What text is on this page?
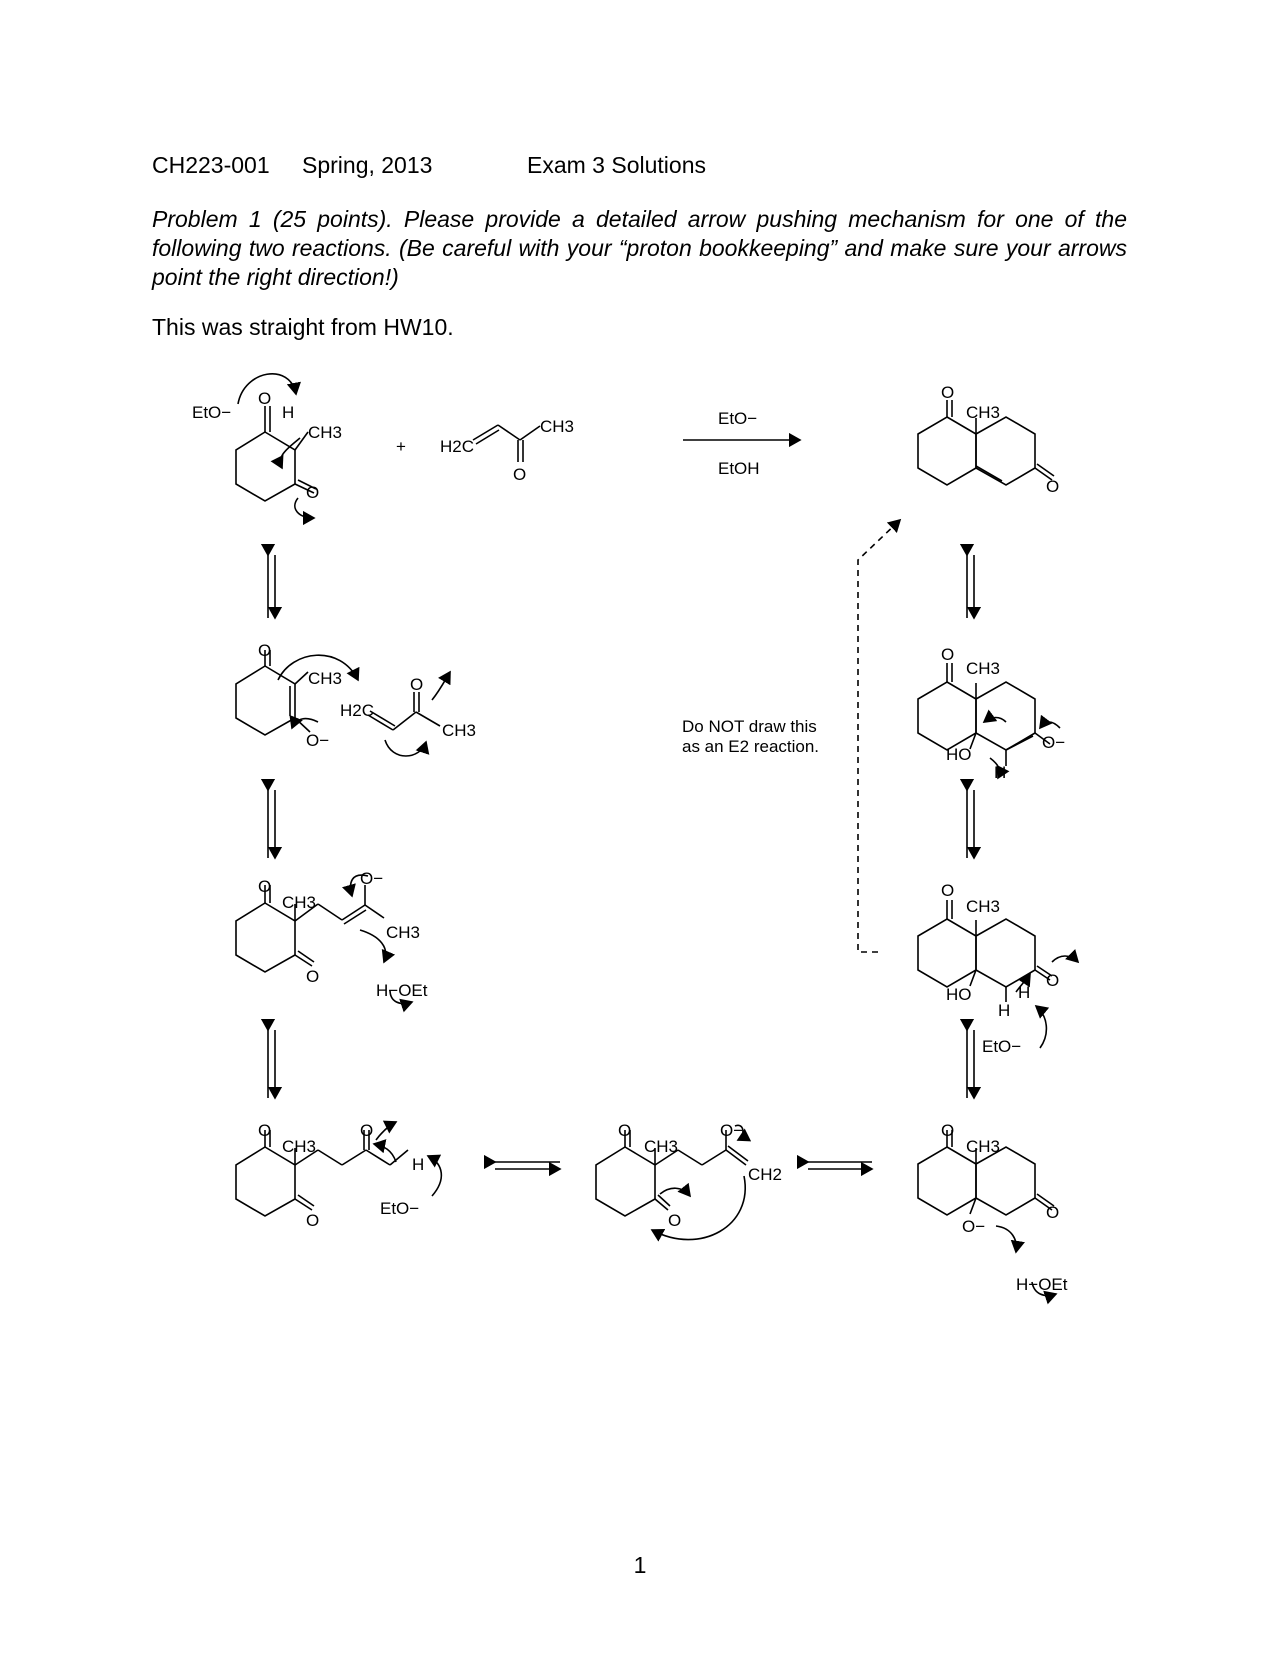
CH223-001 Spring, 2013	Exam 3 Solutions
Problem 1 (25 points). Please provide a detailed arrow pushing mechanism for one of the following two reactions. (Be careful with your “proton bookkeeping” and make sure your arrows point the right direction!)
This was straight from HW10.
EtO−
O
H
CH3
O
+ H2C
CH3
O
EtO−
EtOH
O
CH3
O
O
CH3
O−
H2C
O
CH3
O
CH3
O−
HO
H
Do NOT draw this
as an E2 reaction.
O
CH3
O
O−
CH3
H−OEt
O
CH3
O
HO
H
H
EtO−
O
CH3
O
O
H
EtO−
O
CH3
O
O−
CH2
O
CH3
O
O−
H−OEt
1
